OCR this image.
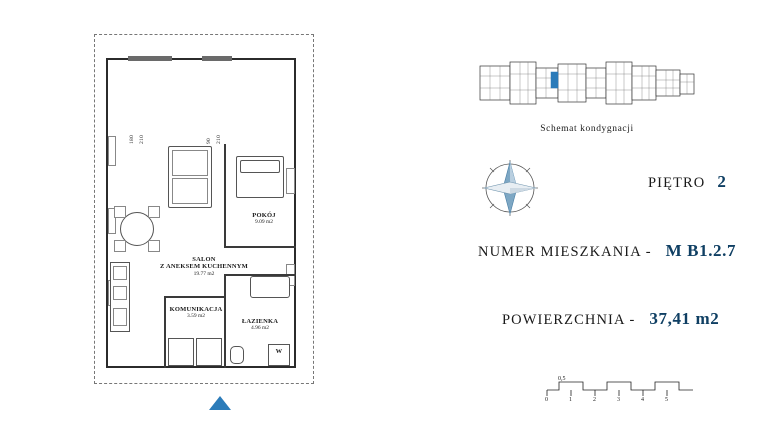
180 210	90 210
POKÓJ
9.09 m2
SALON
Z ANEKSEM KUCHENNYM
19.77 m2
KOMUNIKACJA
3.59 m2
ŁAZIENKA
4.96 m2
W
Schemat kondygnacji
PIĘTRO 2
NUMER MIESZKANIA - M B1.2.7
POWIERZCHNIA - 37,41 m2
0,5
0	1	2	3	4	5
